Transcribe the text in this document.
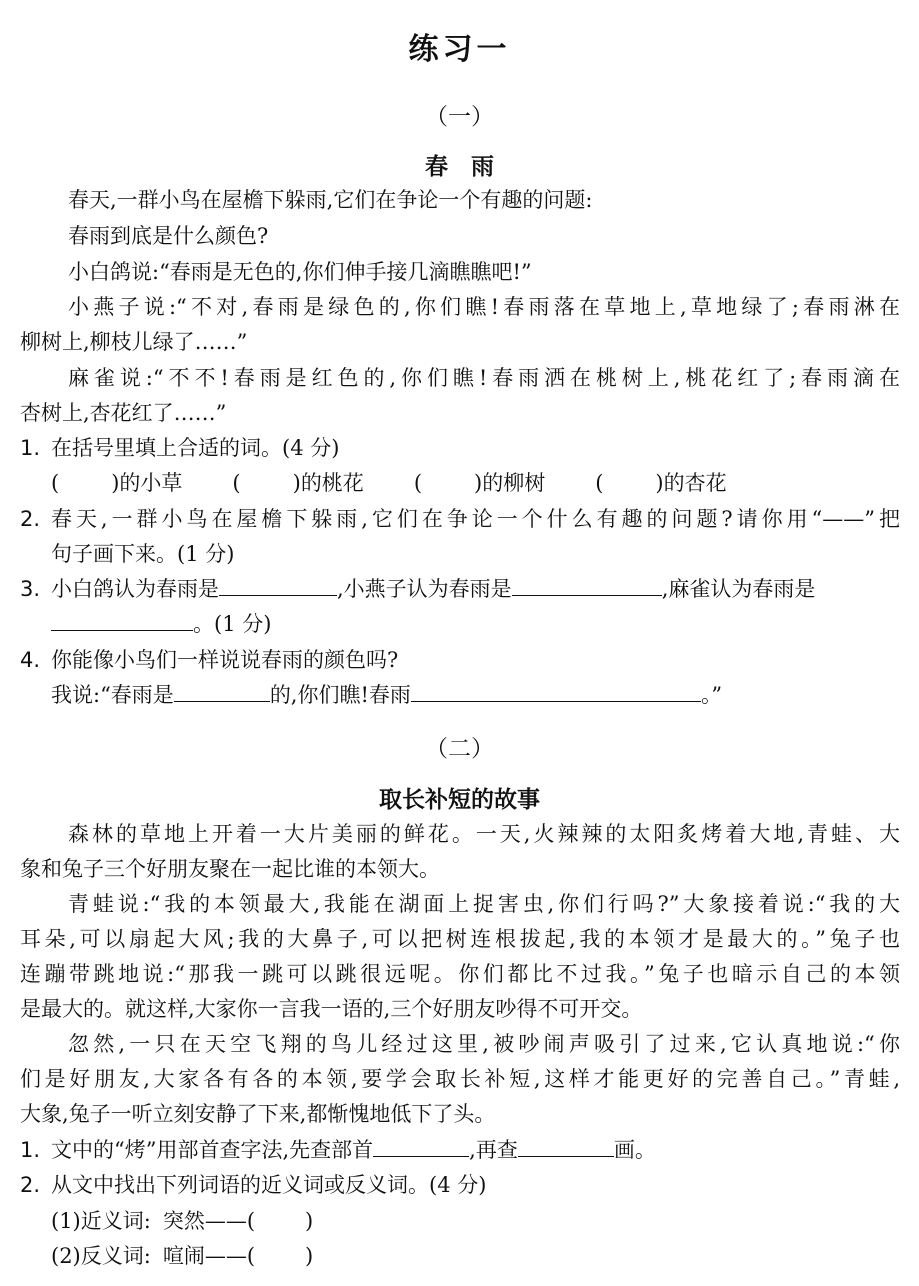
练习一
（一）
春　雨
春天,一群小鸟在屋檐下躲雨,它们在争论一个有趣的问题:
春雨到底是什么颜色?
小白鸽说:“春雨是无色的,你们伸手接几滴瞧瞧吧!”
小燕子说:“不对,春雨是绿色的,你们瞧!春雨落在草地上,草地绿了;春雨淋在
柳树上,柳枝儿绿了……”
麻雀说:“不不!春雨是红色的,你们瞧!春雨洒在桃树上,桃花红了;春雨滴在
杏树上,杏花红了……”
1. 在括号里填上合适的词。(4 分)
( )的小草 ( )的桃花 ( )的柳树 ( )的杏花
2. 春天,一群小鸟在屋檐下躲雨,它们在争论一个什么有趣的问题?请你用“——”把
句子画下来。(1 分)
3. 小白鸽认为春雨是	,小燕子认为春雨是	,麻雀认为春雨是
。(1 分)
4. 你能像小鸟们一样说说春雨的颜色吗?
我说:“春雨是	的,你们瞧!春雨	。”
（二）
取长补短的故事
森林的草地上开着一大片美丽的鲜花。一天,火辣辣的太阳炙烤着大地,青蛙、大
象和兔子三个好朋友聚在一起比谁的本领大。
青蛙说:“我的本领最大,我能在湖面上捉害虫,你们行吗?”大象接着说:“我的大
耳朵,可以扇起大风;我的大鼻子,可以把树连根拔起,我的本领才是最大的。”兔子也
连蹦带跳地说:“那我一跳可以跳很远呢。你们都比不过我。”兔子也暗示自己的本领
是最大的。就这样,大家你一言我一语的,三个好朋友吵得不可开交。
忽然,一只在天空飞翔的鸟儿经过这里,被吵闹声吸引了过来,它认真地说:“你
们是好朋友,大家各有各的本领,要学会取长补短,这样才能更好的完善自己。”青蛙,
大象,兔子一听立刻安静了下来,都惭愧地低下了头。
1. 文中的“烤”用部首查字法,先查部首	,再查	画。
2. 从文中找出下列词语的近义词或反义词。(4 分)
(1)近义词: 突然——( )
(2)反义词: 喧闹——( )
